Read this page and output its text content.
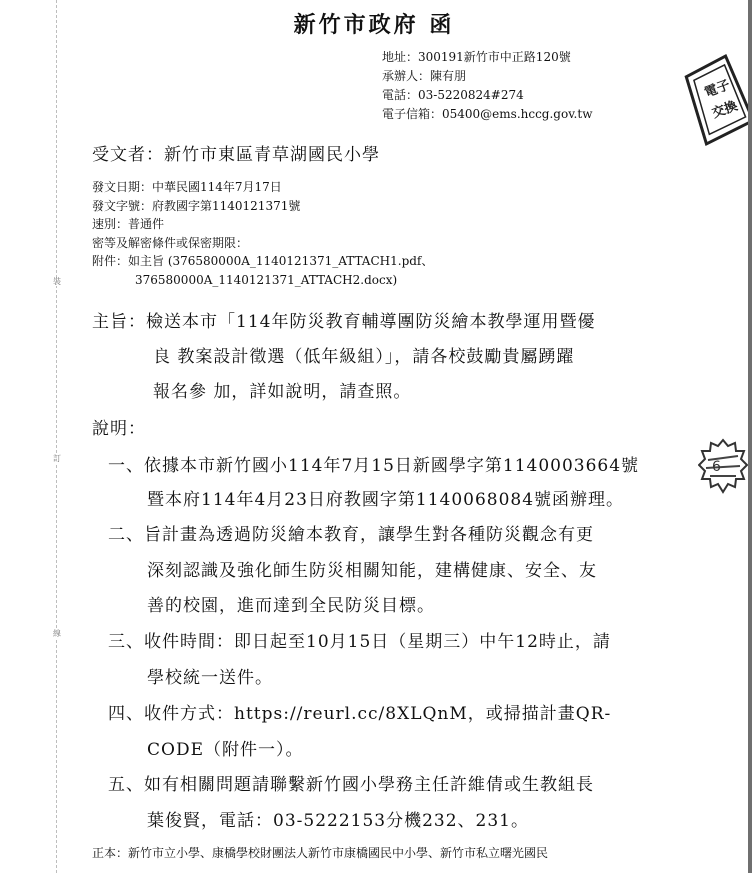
裝
訂
線
新竹市政府 函
地址：300191新竹市中正路120號
承辦人：陳有朋
電話：03-5220824#274
電子信箱：05400@ems.hccg.gov.tw
電子
交換
受文者：新竹市東區青草湖國民小學
發文日期：中華民國114年7月17日
發文字號：府教國字第1140121371號
速別：普通件
密等及解密條件或保密期限：
附件：如主旨 (376580000A_1140121371_ATTACH1.pdf、
376580000A_1140121371_ATTACH2.docx)
主旨：檢送本市「114年防災教育輔導團防災繪本教學運用暨優
良 教案設計徵選（低年級組）」，請各校鼓勵貴屬踴躍
報名參 加，詳如說明，請查照。
說明：
一、依據本市新竹國小114年7月15日新國學字第1140003664號
暨本府114年4月23日府教國字第1140068084號函辦理。
二、旨計畫為透過防災繪本教育，讓學生對各種防災觀念有更
深刻認識及強化師生防災相關知能，建構健康、安全、友
善的校園，進而達到全民防災目標。
三、收件時間：即日起至10月15日（星期三）中午12時止，請
學校統一送件。
四、收件方式：https://reurl.cc/8XLQnM，或掃描計畫QR-
CODE（附件一）。
五、如有相關問題請聯繫新竹國小學務主任許維倩或生教組長
葉俊賢，電話：03-5222153分機232、231。
正本：新竹市立小學、康橋學校財團法人新竹市康橋國民中小學、新竹市私立曙光國民
6
